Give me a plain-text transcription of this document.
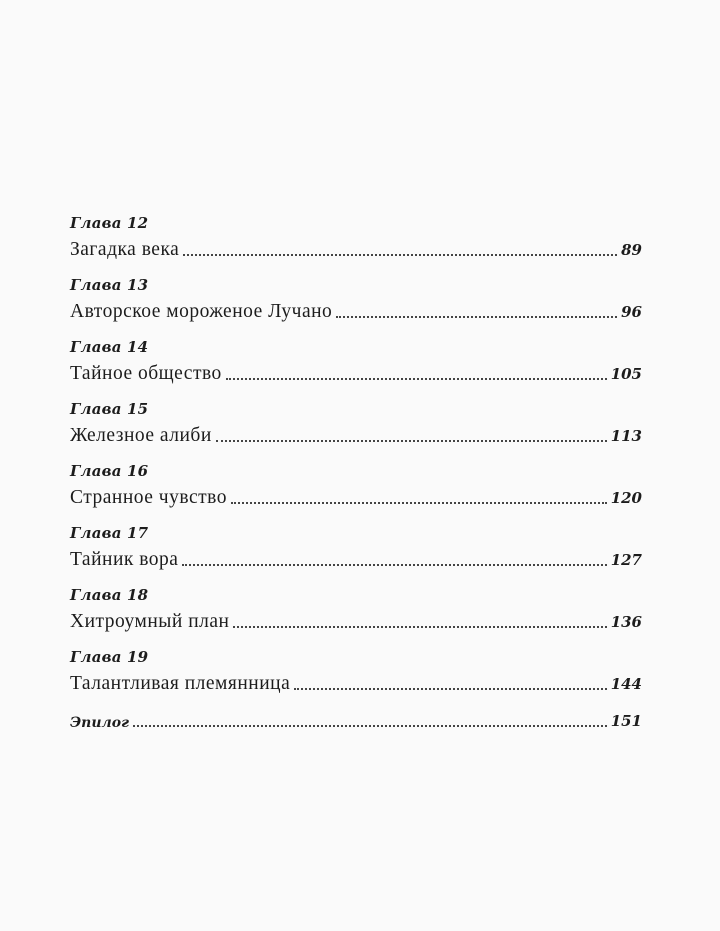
Глава 12
Загадка века	89
Глава 13
Авторское мороженое Лучано	96
Глава 14
Тайное общество	105
Глава 15
Железное алиби	113
Глава 16
Странное чувство	120
Глава 17
Тайник вора	127
Глава 18
Хитроумный план	136
Глава 19
Талантливая племянница	144
Эпилог	151
